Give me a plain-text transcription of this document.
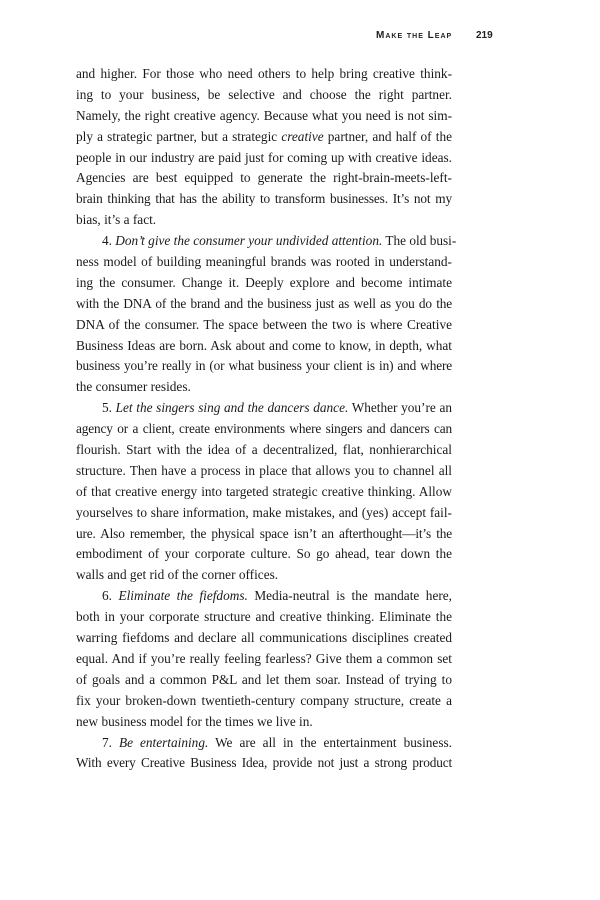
Make the Leap 219
and higher. For those who need others to help bring creative think-
ing to your business, be selective and choose the right partner.
Namely, the right creative agency. Because what you need is not sim-
ply a strategic partner, but a strategic creative partner, and half of the
people in our industry are paid just for coming up with creative ideas.
Agencies are best equipped to generate the right-brain-meets-left-
brain thinking that has the ability to transform businesses. It’s not my
bias, it’s a fact.
4. Don’t give the consumer your undivided attention. The old busi-
ness model of building meaningful brands was rooted in understand-
ing the consumer. Change it. Deeply explore and become intimate
with the DNA of the brand and the business just as well as you do the
DNA of the consumer. The space between the two is where Creative
Business Ideas are born. Ask about and come to know, in depth, what
business you’re really in (or what business your client is in) and where
the consumer resides.
5. Let the singers sing and the dancers dance. Whether you’re an
agency or a client, create environments where singers and dancers can
flourish. Start with the idea of a decentralized, flat, nonhierarchical
structure. Then have a process in place that allows you to channel all
of that creative energy into targeted strategic creative thinking. Allow
yourselves to share information, make mistakes, and (yes) accept fail-
ure. Also remember, the physical space isn’t an afterthought—it’s the
embodiment of your corporate culture. So go ahead, tear down the
walls and get rid of the corner offices.
6. Eliminate the fiefdoms. Media-neutral is the mandate here,
both in your corporate structure and creative thinking. Eliminate the
warring fiefdoms and declare all communications disciplines created
equal. And if you’re really feeling fearless? Give them a common set
of goals and a common P&L and let them soar. Instead of trying to
fix your broken-down twentieth-century company structure, create a
new business model for the times we live in.
7. Be entertaining. We are all in the entertainment business.
With every Creative Business Idea, provide not just a strong product
